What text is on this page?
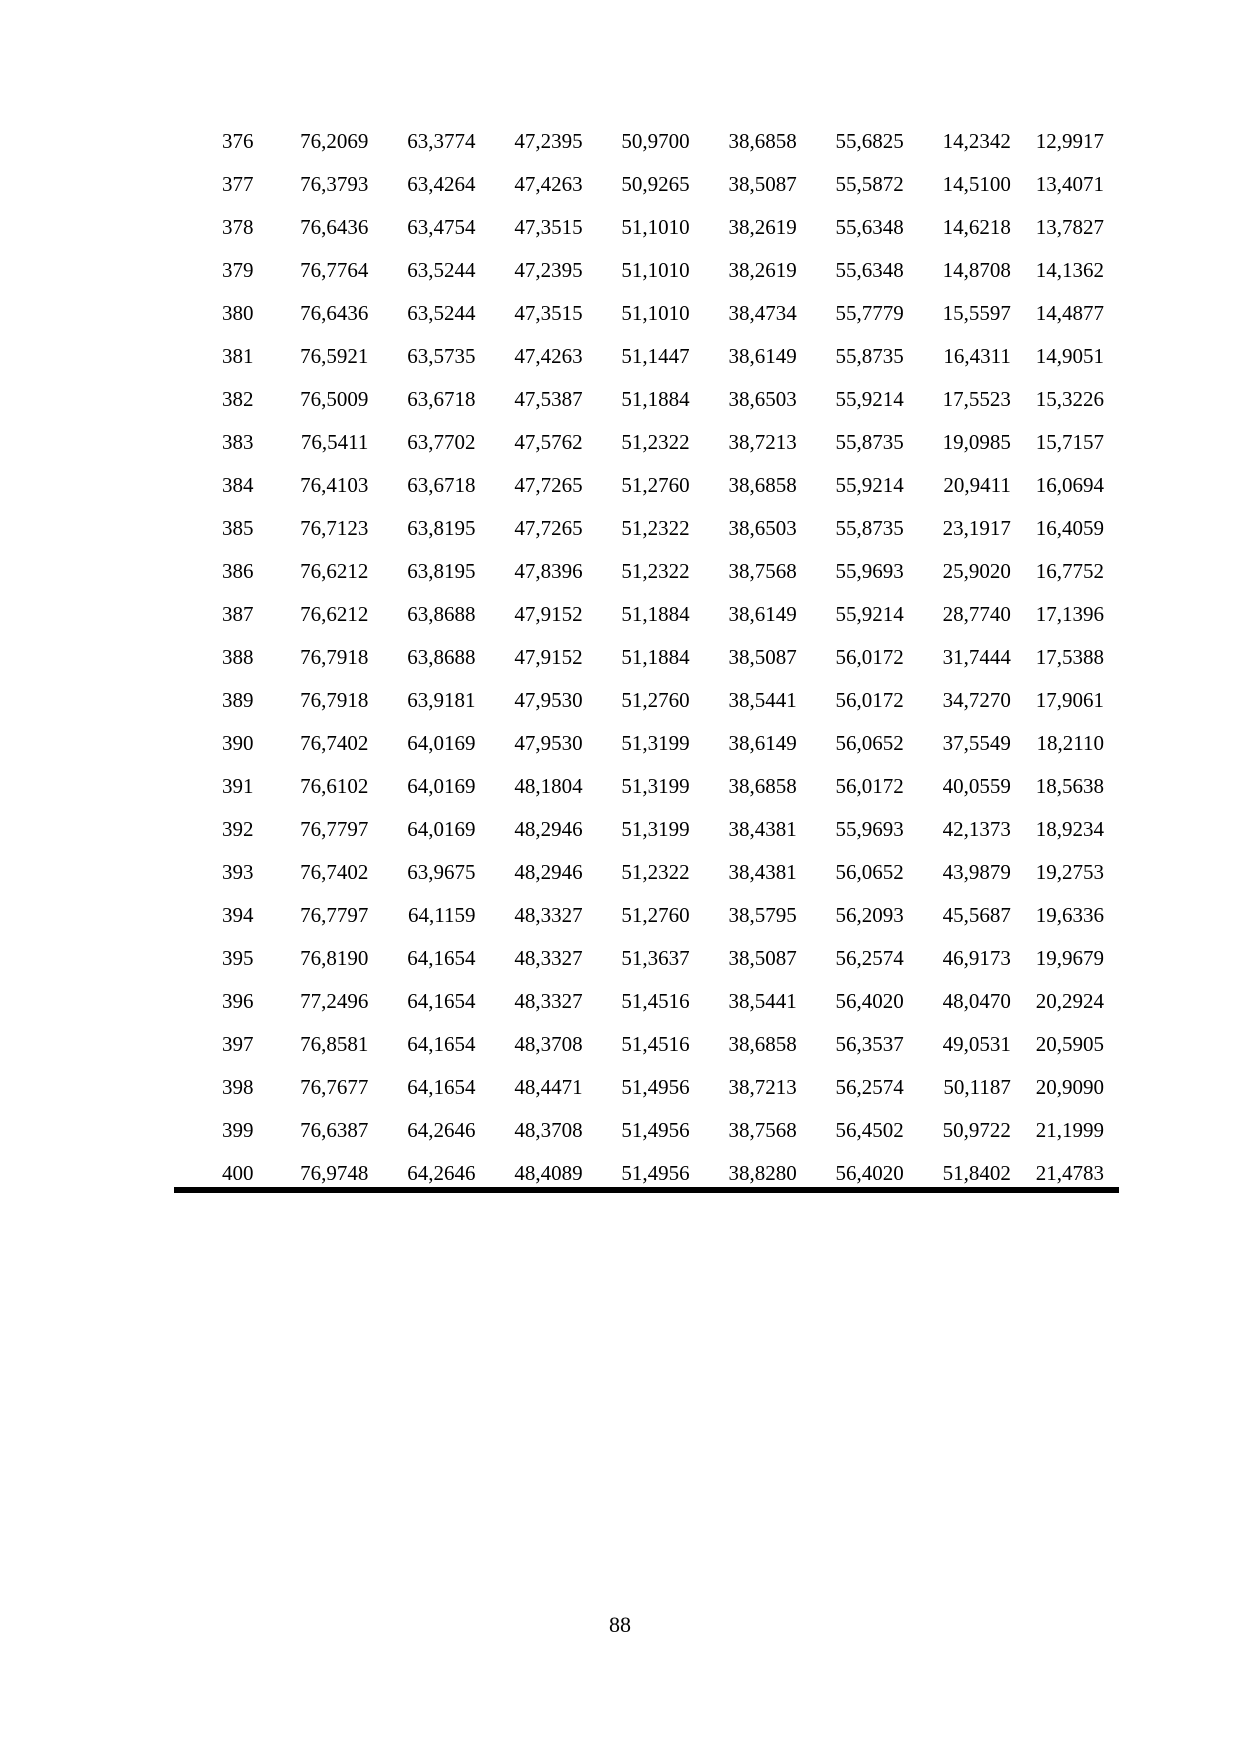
376	76,2069	63,3774	47,2395	50,9700	38,6858	55,6825	14,2342	12,9917
377	76,3793	63,4264	47,4263	50,9265	38,5087	55,5872	14,5100	13,4071
378	76,6436	63,4754	47,3515	51,1010	38,2619	55,6348	14,6218	13,7827
379	76,7764	63,5244	47,2395	51,1010	38,2619	55,6348	14,8708	14,1362
380	76,6436	63,5244	47,3515	51,1010	38,4734	55,7779	15,5597	14,4877
381	76,5921	63,5735	47,4263	51,1447	38,6149	55,8735	16,4311	14,9051
382	76,5009	63,6718	47,5387	51,1884	38,6503	55,9214	17,5523	15,3226
383	76,5411	63,7702	47,5762	51,2322	38,7213	55,8735	19,0985	15,7157
384	76,4103	63,6718	47,7265	51,2760	38,6858	55,9214	20,9411	16,0694
385	76,7123	63,8195	47,7265	51,2322	38,6503	55,8735	23,1917	16,4059
386	76,6212	63,8195	47,8396	51,2322	38,7568	55,9693	25,9020	16,7752
387	76,6212	63,8688	47,9152	51,1884	38,6149	55,9214	28,7740	17,1396
388	76,7918	63,8688	47,9152	51,1884	38,5087	56,0172	31,7444	17,5388
389	76,7918	63,9181	47,9530	51,2760	38,5441	56,0172	34,7270	17,9061
390	76,7402	64,0169	47,9530	51,3199	38,6149	56,0652	37,5549	18,2110
391	76,6102	64,0169	48,1804	51,3199	38,6858	56,0172	40,0559	18,5638
392	76,7797	64,0169	48,2946	51,3199	38,4381	55,9693	42,1373	18,9234
393	76,7402	63,9675	48,2946	51,2322	38,4381	56,0652	43,9879	19,2753
394	76,7797	64,1159	48,3327	51,2760	38,5795	56,2093	45,5687	19,6336
395	76,8190	64,1654	48,3327	51,3637	38,5087	56,2574	46,9173	19,9679
396	77,2496	64,1654	48,3327	51,4516	38,5441	56,4020	48,0470	20,2924
397	76,8581	64,1654	48,3708	51,4516	38,6858	56,3537	49,0531	20,5905
398	76,7677	64,1654	48,4471	51,4956	38,7213	56,2574	50,1187	20,9090
399	76,6387	64,2646	48,3708	51,4956	38,7568	56,4502	50,9722	21,1999
400	76,9748	64,2646	48,4089	51,4956	38,8280	56,4020	51,8402	21,4783
88
